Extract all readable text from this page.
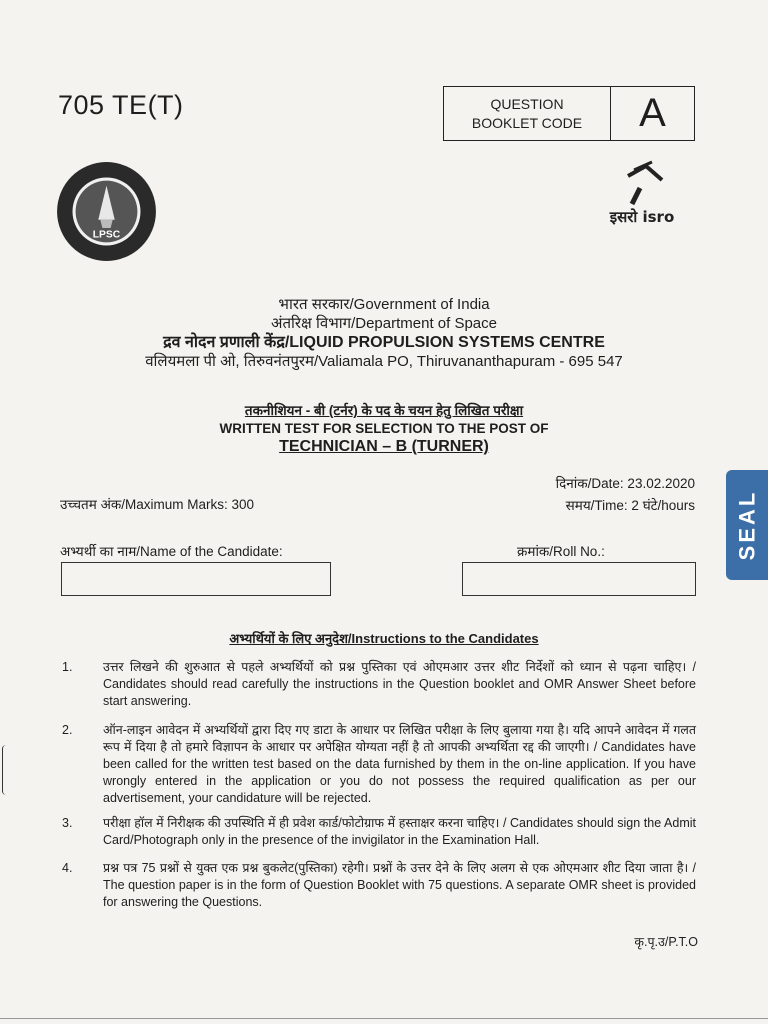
705 TE(T)	QUESTION
BOOKLET CODE	A
LPSC
इसरो isro
भारत सरकार/Government of India
अंतरिक्ष विभाग/Department of Space
द्रव नोदन प्रणाली केंद्र/LIQUID PROPULSION SYSTEMS CENTRE
वलियमला पी ओ, तिरुवनंतपुरम/Valiamala PO, Thiruvananthapuram - 695 547
तकनीशियन - बी (टर्नर) के पद के चयन हेतु लिखित परीक्षा
WRITTEN TEST FOR SELECTION TO THE POST OF
TECHNICIAN – B (TURNER)
दिनांक/Date: 23.02.2020
समय/Time: 2 घंटे/hours
उच्चतम अंक/Maximum Marks: 300
अभ्यर्थी का नाम/Name of the Candidate:	क्रमांक/Roll No.:
अभ्यर्थियों के लिए अनुदेश/Instructions to the Candidates
1.	उत्तर लिखने की शुरुआत से पहले अभ्यर्थियों को प्रश्न पुस्तिका एवं ओएमआर उत्तर शीट निर्देशों को ध्यान से पढ़ना चाहिए। / Candidates should read carefully the instructions in the Question booklet and OMR Answer Sheet before start answering.
2.	ऑन-लाइन आवेदन में अभ्यर्थियों द्वारा दिए गए डाटा के आधार पर लिखित परीक्षा के लिए बुलाया गया है। यदि आपने आवेदन में गलत रूप में दिया है तो हमारे विज्ञापन के आधार पर अपेक्षित योग्यता नहीं है तो आपकी अभ्यर्थिता रद्द की जाएगी। / Candidates have been called for the written test based on the data furnished by them in the on-line application. If you have wrongly entered in the application or you do not possess the required qualification as per our advertisement, your candidature will be rejected.
3.	परीक्षा हॉल में निरीक्षक की उपस्थिति में ही प्रवेश कार्ड/फोटोग्राफ में हस्ताक्षर करना चाहिए। / Candidates should sign the Admit Card/Photograph only in the presence of the invigilator in the Examination Hall.
4.	प्रश्न पत्र 75 प्रश्नों से युक्त एक प्रश्न बुकलेट(पुस्तिका) रहेगी। प्रश्नों के उत्तर देने के लिए अलग से एक ओएमआर शीट दिया जाता है। / The question paper is in the form of Question Booklet with 75 questions. A separate OMR sheet is provided for answering the Questions.
कृ.पृ.उ/P.T.O
SEAL
